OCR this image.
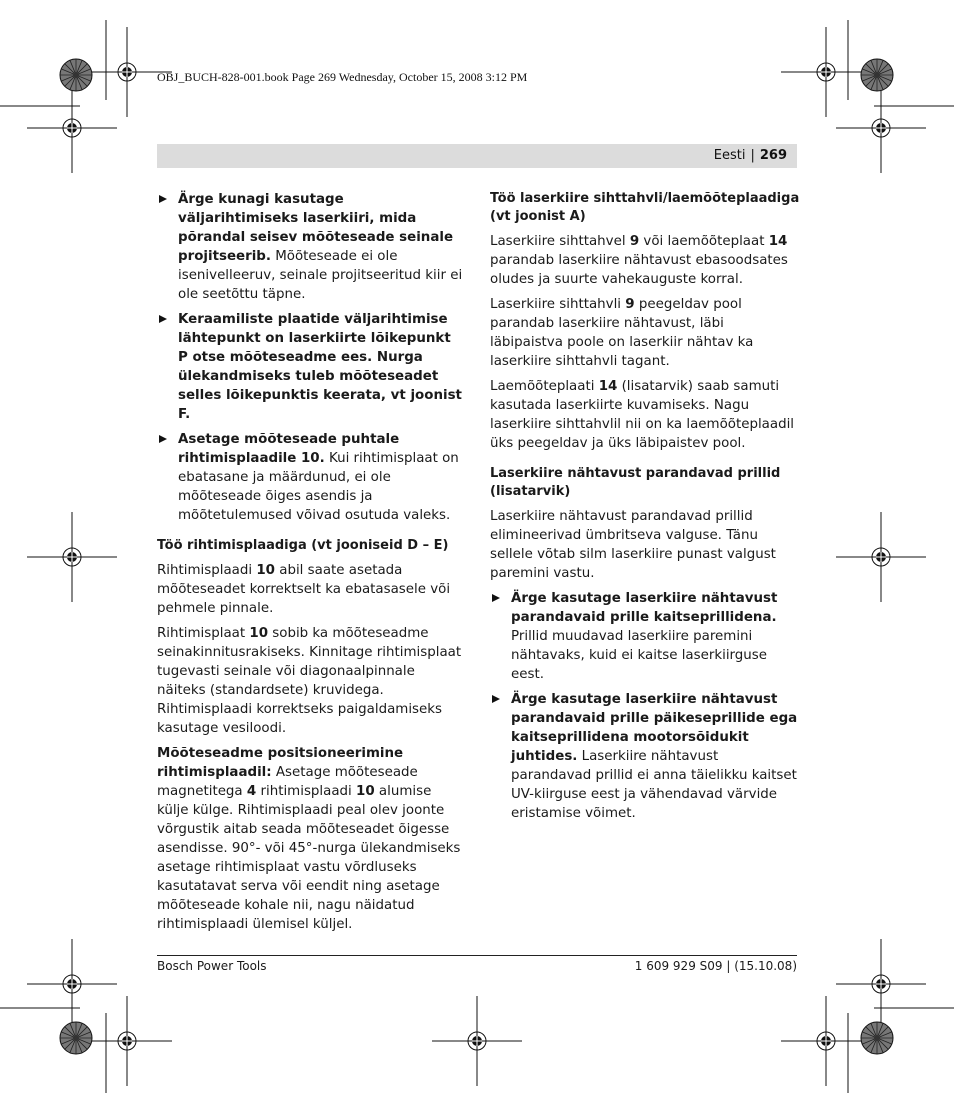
OBJ_BUCH-828-001.book Page 269 Wednesday, October 15, 2008 3:12 PM
Eesti | 269
Ärge kunagi kasutage väljarihtimiseks laserkiiri, mida põrandal seisev mõõteseade seinale projitseerib. Mõõteseade ei ole isenivelleeruv, seinale projitseeritud kiir ei ole seetõttu täpne.
Keraamiliste plaatide väljarihtimise lähtepunkt on laserkiirte lõikepunkt P otse mõõteseadme ees. Nurga ülekandmiseks tuleb mõõteseadet selles lõikepunktis keerata, vt joonist F.
Asetage mõõteseade puhtale rihtimisplaadile 10. Kui rihtimisplaat on ebatasane ja määrdunud, ei ole mõõteseade õiges asendis ja mõõtetulemused võivad osutuda valeks.
Töö rihtimisplaadiga (vt jooniseid D – E)

Rihtimisplaadi 10 abil saate asetada mõõteseadet korrektselt ka ebatasasele või pehmele pinnale.

Rihtimisplaat 10 sobib ka mõõteseadme seinakinnitusrakiseks. Kinnitage rihtimisplaat tugevasti seinale või diagonaalpinnale näiteks (standardsete) kruvidega. Rihtimisplaadi korrektseks paigaldamiseks kasutage vesiloodi.

Mõõteseadme positsioneerimine rihtimisplaadil: Asetage mõõteseade magnetitega 4 rihtimisplaadi 10 alumise külje külge. Rihtimisplaadi peal olev joonte võrgustik aitab seada mõõteseadet õigesse asendisse. 90°- või 45°-nurga ülekandmiseks asetage rihtimisplaat vastu võrdluseks kasutatavat serva või eendit ning asetage mõõteseade kohale nii, nagu näidatud rihtimisplaadi ülemisel küljel.

Töö laserkiire sihttahvli/laemõõteplaadiga (vt joonist A)

Laserkiire sihttahvel 9 või laemõõteplaat 14 parandab laserkiire nähtavust ebasoodsates oludes ja suurte vahekauguste korral.

Laserkiire sihttahvli 9 peegeldav pool parandab laserkiire nähtavust, läbi läbipaistva poole on laserkiir nähtav ka laserkiire sihttahvli tagant.

Laemõõteplaati 14 (lisatarvik) saab samuti kasutada laserkiirte kuvamiseks. Nagu laserkiire sihttahvlil nii on ka laemõõteplaadil üks peegeldav ja üks läbipaistev pool.

Laserkiire nähtavust parandavad prillid (lisatarvik)

Laserkiire nähtavust parandavad prillid elimineerivad ümbritseva valguse. Tänu sellele võtab silm laserkiire punast valgust paremini vastu.

Ärge kasutage laserkiire nähtavust parandavaid prille kaitseprillidena. Prillid muudavad laserkiire paremini nähtavaks, kuid ei kaitse laserkiirguse eest.
Ärge kasutage laserkiire nähtavust parandavaid prille päikeseprillide ega kaitseprillidena mootorsõidukit juhtides. Laserkiire nähtavust parandavad prillid ei anna täielikku kaitset UV-kiirguse eest ja vähendavad värvide eristamise võimet.
Bosch Power Tools	1 609 929 S09 | (15.10.08)
